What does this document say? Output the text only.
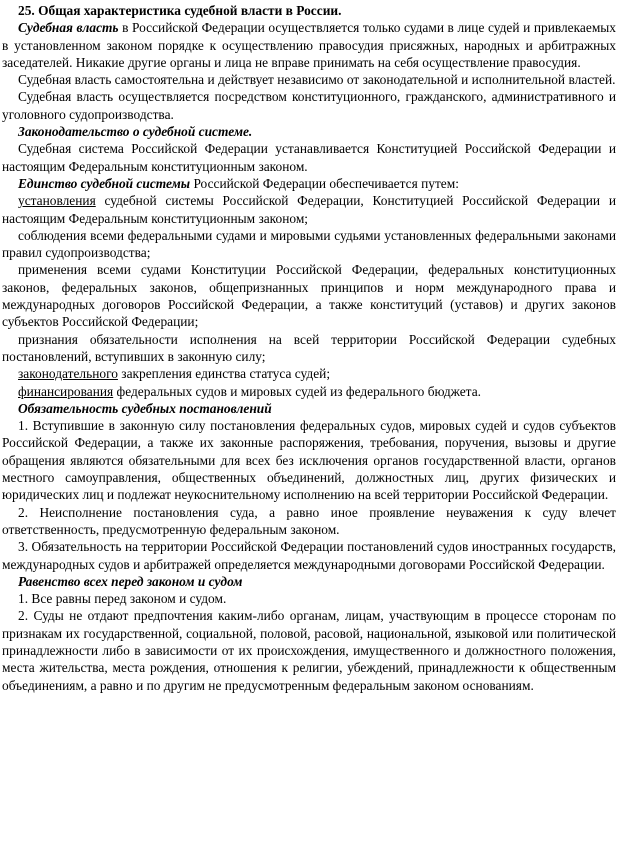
25. Общая характеристика судебной власти в России.

Судебная власть в Российской Федерации осуществляется только судами в лице судей и привлекаемых в установленном законом порядке к осуществлению правосудия присяжных, народных и арбитражных заседателей. Никакие другие органы и лица не вправе принимать на себя осуществление правосудия.

Судебная власть самостоятельна и действует независимо от законодательной и исполнительной властей.

Судебная власть осуществляется посредством конституционного, гражданского, административного и уголовного судопроизводства.

Законодательство о судебной системе.

Судебная система Российской Федерации устанавливается Конституцией Российской Федерации и настоящим Федеральным конституционным законом.

Единство судебной системы Российской Федерации обеспечивается путем:

установления судебной системы Российской Федерации, Конституцией Российской Федерации и настоящим Федеральным конституционным законом;

соблюдения всеми федеральными судами и мировыми судьями установленных федеральными законами правил судопроизводства;

применения всеми судами Конституции Российской Федерации, федеральных конституционных законов, федеральных законов, общепризнанных принципов и норм международного права и международных договоров Российской Федерации, а также конституций (уставов) и других законов субъектов Российской Федерации;

признания обязательности исполнения на всей территории Российской Федерации судебных постановлений, вступивших в законную силу;

законодательного закрепления единства статуса судей;

финансирования федеральных судов и мировых судей из федерального бюджета.

Обязательность судебных постановлений

1. Вступившие в законную силу постановления федеральных судов, мировых судей и судов субъектов Российской Федерации, а также их законные распоряжения, требования, поручения, вызовы и другие обращения являются обязательными для всех без исключения органов государственной власти, органов местного самоуправления, общественных объединений, должностных лиц, других физических и юридических лиц и подлежат неукоснительному исполнению на всей территории Российской Федерации.

2. Неисполнение постановления суда, а равно иное проявление неуважения к суду влечет ответственность, предусмотренную федеральным законом.

3. Обязательность на территории Российской Федерации постановлений судов иностранных государств, международных судов и арбитражей определяется международными договорами Российской Федерации.

Равенство всех перед законом и судом

1. Все равны перед законом и судом.

2. Суды не отдают предпочтения каким-либо органам, лицам, участвующим в процессе сторонам по признакам их государственной, социальной, половой, расовой, национальной, языковой или политической принадлежности либо в зависимости от их происхождения, имущественного и должностного положения, места жительства, места рождения, отношения к религии, убеждений, принадлежности к общественным объединениям, а равно и по другим не предусмотренным федеральным законом основаниям.
